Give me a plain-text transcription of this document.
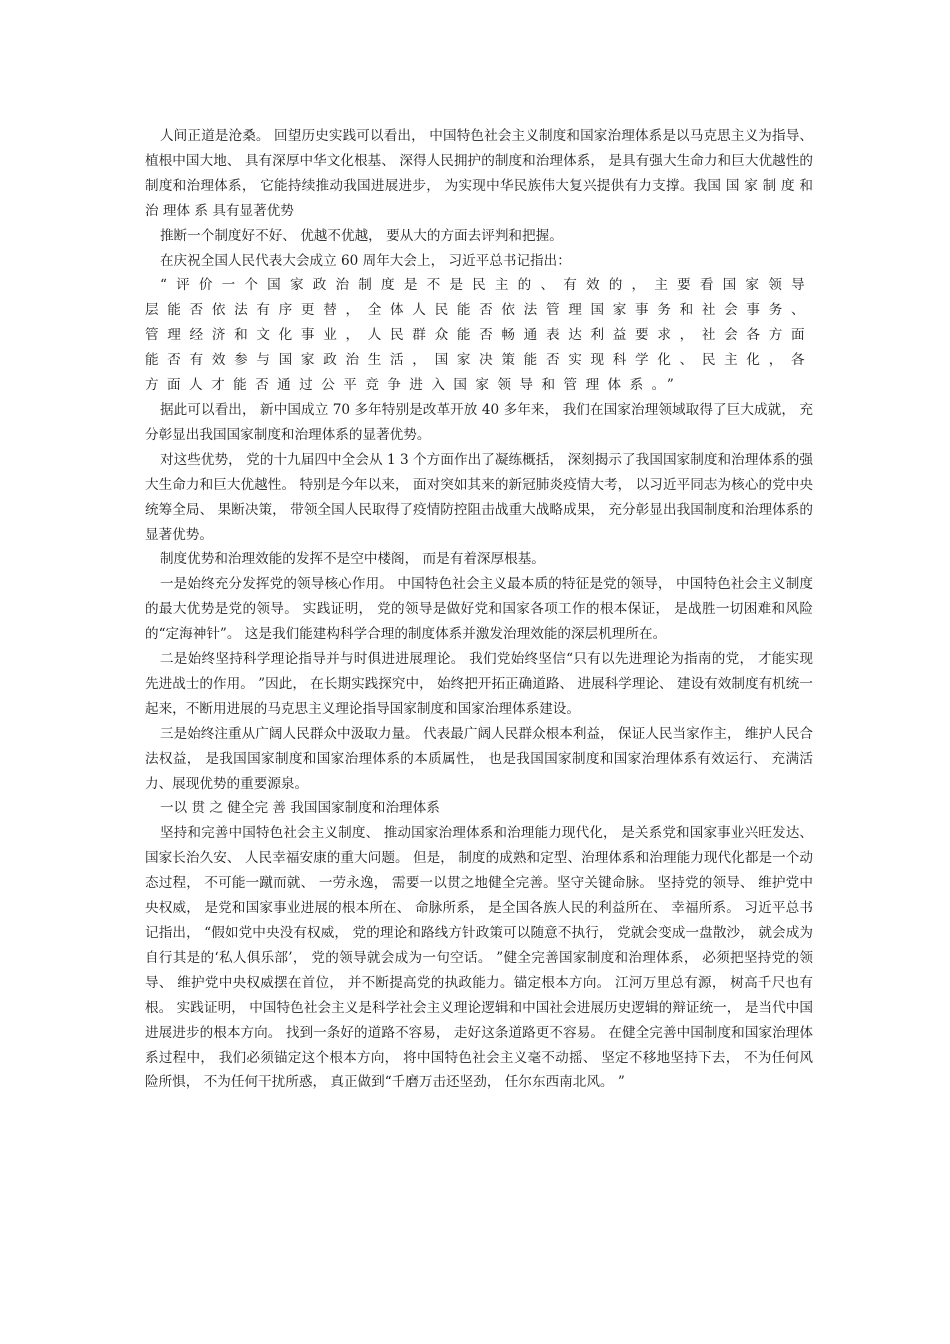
人间正道是沧桑。 回望历史实践可以看出， 中国特色社会主义制度和国家治理体系是以马克思主义为指导、 植根中国大地、 具有深厚中华文化根基、 深得人民拥护的制度和治理体系， 是具有强大生命力和巨大优越性的制度和治理体系， 它能持续推动我国进展进步， 为实现中华民族伟大复兴提供有力支撑。我国 国 家 制 度 和 治 理体 系 具有显著优势

推断一个制度好不好、 优越不优越， 要从大的方面去评判和把握。

在庆祝全国人民代表大会成立 60 周年大会上， 习近平总书记指出：

“评价一个国家政治制度是不是民主的、有效的，主要看国家领导层能否依法有序更替，全体人民能否依法管理国家事务和社会事务、管理经济和文化事业，人民群众能否畅通表达利益要求，社会各方面能否有效参与国家政治生活，国家决策能否实现科学化、民主化，各方面人才能否通过公平竞争进入国家领导和管理体系。”

据此可以看出， 新中国成立 70 多年特别是改革开放 40 多年来， 我们在国家治理领域取得了巨大成就， 充分彰显出我国国家制度和治理体系的显著优势。

对这些优势， 党的十九届四中全会从 1 3 个方面作出了凝练概括， 深刻揭示了我国国家制度和治理体系的强大生命力和巨大优越性。 特别是今年以来， 面对突如其来的新冠肺炎疫情大考， 以习近平同志为核心的党中央统筹全局、 果断决策， 带领全国人民取得了疫情防控阻击战重大战略成果， 充分彰显出我国制度和治理体系的显著优势。

制度优势和治理效能的发挥不是空中楼阁， 而是有着深厚根基。

一是始终充分发挥党的领导核心作用。 中国特色社会主义最本质的特征是党的领导， 中国特色社会主义制度的最大优势是党的领导。 实践证明， 党的领导是做好党和国家各项工作的根本保证， 是战胜一切困难和风险的“定海神针”。 这是我们能建构科学合理的制度体系并激发治理效能的深层机理所在。

二是始终坚持科学理论指导并与时俱进进展理论。 我们党始终坚信“只有以先进理论为指南的党， 才能实现先进战士的作用。 ”因此， 在长期实践探究中， 始终把开拓正确道路、 进展科学理论、 建设有效制度有机统一起来，不断用进展的马克思主义理论指导国家制度和国家治理体系建设。

三是始终注重从广阔人民群众中汲取力量。 代表最广阔人民群众根本利益， 保证人民当家作主， 维护人民合法权益， 是我国国家制度和国家治理体系的本质属性， 也是我国国家制度和国家治理体系有效运行、 充满活力、展现优势的重要源泉。

一以 贯 之 健全完 善 我国国家制度和治理体系

坚持和完善中国特色社会主义制度、 推动国家治理体系和治理能力现代化， 是关系党和国家事业兴旺发达、 国家长治久安、 人民幸福安康的重大问题。 但是， 制度的成熟和定型、治理体系和治理能力现代化都是一个动态过程， 不可能一蹴而就、 一劳永逸， 需要一以贯之地健全完善。坚守关键命脉。 坚持党的领导、 维护党中央权威， 是党和国家事业进展的根本所在、 命脉所系， 是全国各族人民的利益所在、 幸福所系。 习近平总书记指出， “假如党中央没有权威， 党的理论和路线方针政策可以随意不执行， 党就会变成一盘散沙， 就会成为自行其是的‘私人俱乐部’， 党的领导就会成为一句空话。 ”健全完善国家制度和治理体系， 必须把坚持党的领导、 维护党中央权威摆在首位， 并不断提高党的执政能力。锚定根本方向。 江河万里总有源， 树高千尺也有根。 实践证明， 中国特色社会主义是科学社会主义理论逻辑和中国社会进展历史逻辑的辩证统一， 是当代中国进展进步的根本方向。 找到一条好的道路不容易， 走好这条道路更不容易。 在健全完善中国制度和国家治理体系过程中， 我们必须锚定这个根本方向， 将中国特色社会主义毫不动摇、 坚定不移地坚持下去， 不为任何风险所惧， 不为任何干扰所惑， 真正做到“千磨万击还坚劲， 任尔东西南北风。 ”
